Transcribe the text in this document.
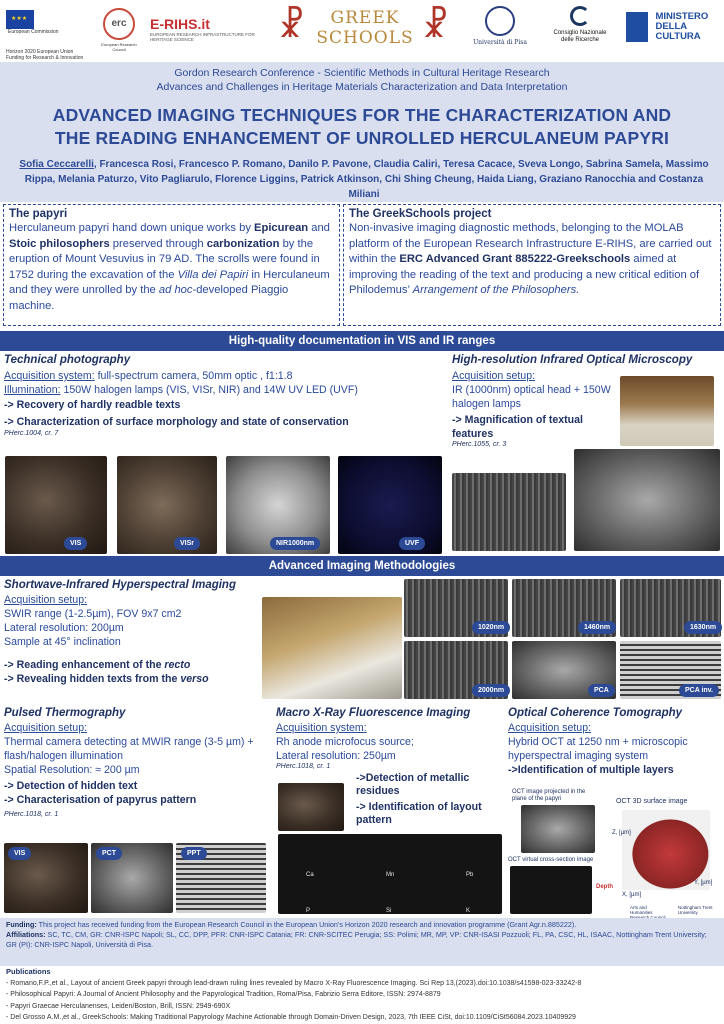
★★★ European Commission
Horizon 2020 European Union Funding for Research & Innovation
erc
European Research Council
E-RIHS.it
EUROPEAN RESEARCH INFRASTRUCTURE FOR HERITAGE SCIENCE	☧	GREEK
SCHOOLS ☧	Università di Pisa
Consiglio Nazionale
delle Ricerche

MINISTERO
DELLA
CULTURA
Gordon Research Conference - Scientific Methods in Cultural Heritage Research
Advances and Challenges in Heritage Materials Characterization and Data Interpretation
ADVANCED IMAGING TECHNIQUES FOR THE CHARACTERIZATION AND
THE READING ENHANCEMENT OF UNROLLED HERCULANEUM PAPYRI
Sofia Ceccarelli, Francesca Rosi, Francesco P. Romano, Danilo P. Pavone, Claudia Caliri, Teresa Cacace, Sveva Longo, Sabrina Samela, Massimo Rippa, Melania Paturzo, Vito Pagliarulo, Florence Liggins, Patrick Atkinson, Chi Shing Cheung, Haida Liang, Graziano Ranocchia and Costanza Miliani
The papyri
Herculaneum papyri hand down unique works by Epicurean and Stoic philosophers preserved through carbonization by the eruption of Mount Vesuvius in 79 AD. The scrolls were found in 1752 during the excavation of the Villa dei Papiri in Herculaneum and they were unrolled by the ad hoc-developed Piaggio machine.
The GreekSchools project
Non-invasive imaging diagnostic methods, belonging to the MOLAB platform of the European Research Infrastructure E-RIHS, are carried out within the ERC Advanced Grant 885222-Greekschools aimed at improving the reading of the text and producing a new critical edition of Philodemus’ Arrangement of the Philosophers.
High-quality documentation in VIS and IR ranges
Technical photography
Acquisition system: full-spectrum camera, 50mm optic , f1:1.8
Illumination: 150W halogen lamps (VIS, VISr, NIR) and 14W UV LED (UVF)
-> Recovery of hardly readble texts
-> Characterization of surface morphology and state of conservation
PHerc.1004, cr. 7
VIS	VISr	NIR1000nm	UVF
High-resolution Infrared Optical Microscopy
Acquisition setup:
IR (1000nm) optical head + 150W halogen lamps
-> Magnification of textual features
PHerc.1055, cr. 3
Advanced Imaging Methodologies
Shortwave-Infrared Hyperspectral Imaging
Acquisition setup:
SWIR range (1-2.5µm), FOV 9x7 cm2
Lateral resolution: 200µm
Sample at 45° inclination
-> Reading enhancement of the recto
-> Revealing hidden texts from the verso
1020nm	1460nm	1630nm
2000nm	PCA	PCA inv.
Pulsed Thermography
Acquisition setup:
Thermal camera detecting at MWIR range (3-5 µm) + flash/halogen illumination
Spatial Resolution: ≈ 200 µm
-> Detection of hidden text
-> Characterisation of papyrus pattern
PHerc.1018, cr. 1
VIS	PCT	PPT
Macro X-Ray Fluorescence Imaging
Acquisition system:
Rh anode microfocus source;
Lateral resolution: 250µm
PHerc.1018, cr. 1
->Detection of metallic residues
-> Identification of layout pattern
Ca	Mn	Pb
P	Si	K
Optical Coherence Tomography
Acquisition setup:
Hybrid OCT at 1250 nm + microscopic hyperspectral imaging system
->Identification of multiple layers
OCT image projected in the plane of the papyri	OCT 3D surface image
Z, [µm]
X, [µm]
Y, [µm]
OCT virtual cross-section image
Depth
Arts and Humanities
Nottingham Trent University
Funding: This project has received funding from the European Research Council in the European Union’s Horizon 2020 research and innovation programme (Grant Agr.n.885222).
Affiliations: SC, TC, CM, GR: CNR-ISPC Napoli; SL, CC, DPP, PFR: CNR-ISPC Catania; FR: CNR-SCITEC Perugia; SS: Polimi; MR, MP, VP: CNR-ISASI Pozzuoli; FL, PA, CSC, HL, ISAAC, Nottingham Trent University; GR (PI): CNR-ISPC Napoli, Università di Pisa.
Publications
- Romano,F.P.,et al., Layout of ancient Greek papyri through lead-drawn ruling lines revealed by Macro X-Ray Fluorescence Imaging. Sci Rep 13,(2023).doi:10.1038/s41598-023-33242-8
- Philosophical Papyri: A Journal of Ancient Philosophy and the Papyrological Tradition, Roma/Pisa, Fabrizio Serra Editore, ISSN: 2974-8879
- Papyri Graecae Herculanenses, Leiden/Boston, Brill, ISSN: 2949-690X
- Del Grosso A.M.,et al., GreekSchools: Making Traditional Papyrology Machine Actionable through Domain-Driven Design, 2023, 7th IEEE CiSt, doi:10.1109/CiSt56084.2023.10409929
